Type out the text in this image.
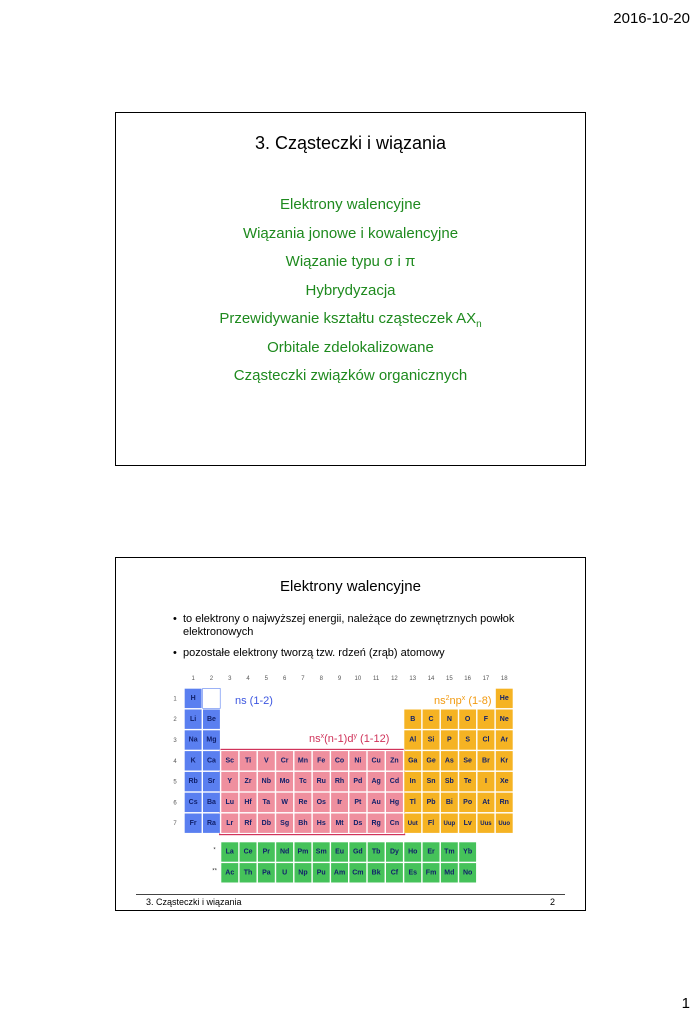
2016-10-20
3. Cząsteczki i wiązania
Elektrony walencyjne
Wiązania jonowe i kowalencyjne
Wiązanie typu σ i π
Hybrydyzacja
Przewidywanie kształtu cząsteczek $AX_n$
Orbitale zdelokalizowane
Cząsteczki związków organicznych
Elektrony walencyjne
• to elektrony o najwyższej energii, należące do zewnętrznych powłok elektronowych
• pozostałe elektrony tworzą tzw. rdzeń (zrąb) atomowy
1 2 3 4 5 6 7 8 9 10 11 12 13 14 15 16 17 18
1
2
3
4
5
6
7
H	He
Li Be	B C N O F Ne
Na Mg	Al Si P S Cl Ar
K Ca Sc Ti V Cr Mn Fe Co Ni Cu Zn Ga Ge As Se Br Kr
Rb Sr Y Zr Nb Mo Tc Ru Rh Pd Ag Cd In Sn Sb Te I Xe
Cs Ba Lu Hf Ta W Re Os Ir Pt Au Hg Tl Pb Bi Po At Rn
Fr Ra Lr Rf Db Sg Bh Hs Mt Ds Rg Cn Uut Fl Uup Lv Uus Uuo
* La Ce Pr Nd Pm Sm Eu Gd Tb Dy Ho Er Tm Yb
** Ac Th Pa U Np Pu Am Cm Bk Cf Es Fm Md No
ns (1-2)	$ns^2np^x$ (1-8)
$ns^x(n-1)d^y$ (1-12)
3. Cząsteczki i wiązania	2
1
